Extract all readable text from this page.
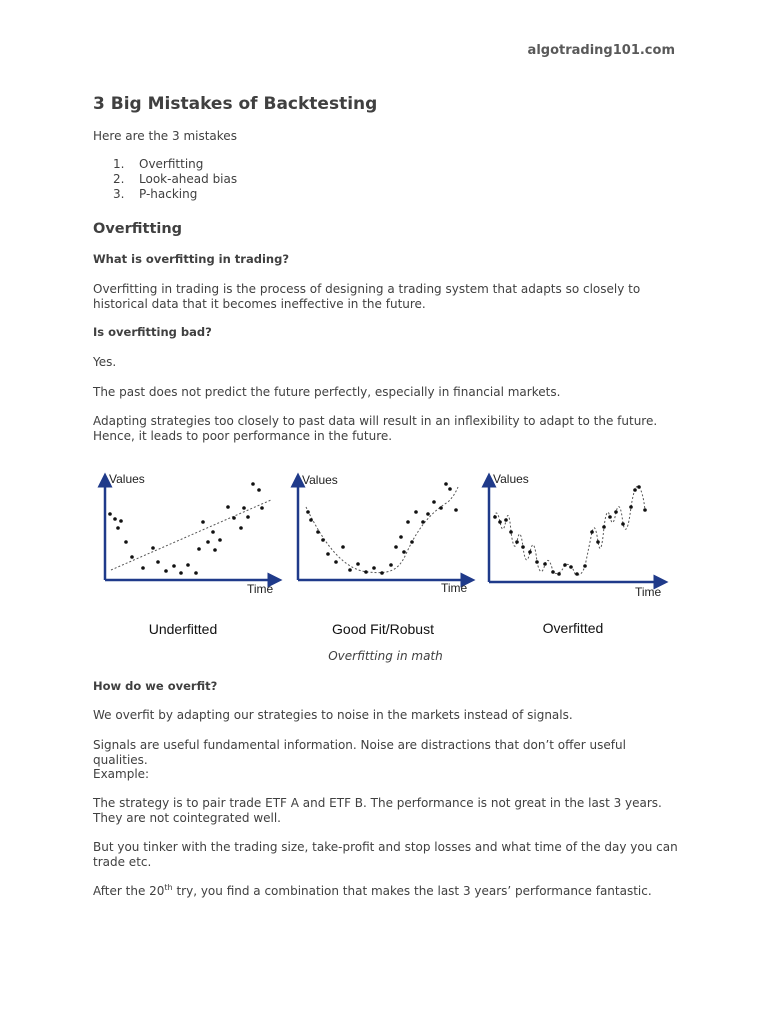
algotrading101.com
3 Big Mistakes of Backtesting

Here are the 3 mistakes

1.	Overfitting
2.	Look-ahead bias
3.	P-hacking
Overfitting
What is overfitting in trading?

Overfitting in trading is the process of designing a trading system that adapts so closely to historical data that it becomes ineffective in the future.

Is overfitting bad?

Yes.

The past does not predict the future perfectly, especially in financial markets.

Adapting strategies too closely to past data will result in an inflexibility to adapt to the future. Hence, it leads to poor performance in the future.

Values
Time
Underfitted
Values
Time
Good Fit/Robust
Values
Time
Overfitted
Overfitting in math
How do we overfit?

We overfit by adapting our strategies to noise in the markets instead of signals.

Signals are useful fundamental information. Noise are distractions that don’t offer useful qualities.

Example:

The strategy is to pair trade ETF A and ETF B. The performance is not great in the last 3 years. They are not cointegrated well.

But you tinker with the trading size, take-profit and stop losses and what time of the day you can trade etc.

After the 20th try, you find a combination that makes the last 3 years’ performance fantastic.
